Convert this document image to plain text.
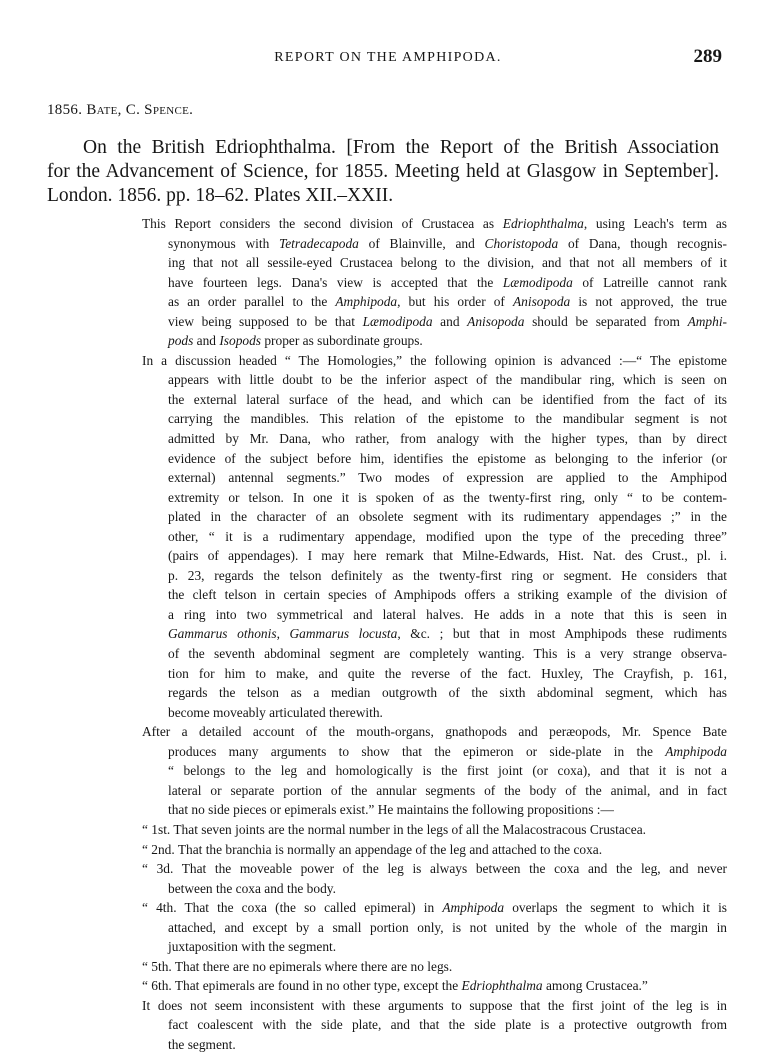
REPORT ON THE AMPHIPODA.	289
1856. Bate, C. Spence.
On the British Edriophthalma. [From the Report of the British Association
for the Advancement of Science, for 1855. Meeting held at Glasgow in September].
London. 1856. pp. 18–62. Plates XII.–XXII.
This Report considers the second division of Crustacea as Edriophthalma, using Leach's term as
synonymous with Tetradecapoda of Blainville, and Choristopoda of Dana, though recognis-
ing that not all sessile-eyed Crustacea belong to the division, and that not all members of it
have fourteen legs. Dana's view is accepted that the Læmodipoda of Latreille cannot rank
as an order parallel to the Amphipoda, but his order of Anisopoda is not approved, the true
view being supposed to be that Læmodipoda and Anisopoda should be separated from Amphi-
pods and Isopods proper as subordinate groups.
In a discussion headed “ The Homologies,” the following opinion is advanced :—“ The epistome
appears with little doubt to be the inferior aspect of the mandibular ring, which is seen on
the external lateral surface of the head, and which can be identified from the fact of its
carrying the mandibles. This relation of the epistome to the mandibular segment is not
admitted by Mr. Dana, who rather, from analogy with the higher types, than by direct
evidence of the subject before him, identifies the epistome as belonging to the inferior (or
external) antennal segments.” Two modes of expression are applied to the Amphipod
extremity or telson. In one it is spoken of as the twenty-first ring, only “ to be contem-
plated in the character of an obsolete segment with its rudimentary appendages ;” in the
other, “ it is a rudimentary appendage, modified upon the type of the preceding three”
(pairs of appendages). I may here remark that Milne-Edwards, Hist. Nat. des Crust., pl. i.
p. 23, regards the telson definitely as the twenty-first ring or segment. He considers that
the cleft telson in certain species of Amphipods offers a striking example of the division of
a ring into two symmetrical and lateral halves. He adds in a note that this is seen in
Gammarus othonis, Gammarus locusta, &c. ; but that in most Amphipods these rudiments
of the seventh abdominal segment are completely wanting. This is a very strange observa-
tion for him to make, and quite the reverse of the fact. Huxley, The Crayfish, p. 161,
regards the telson as a median outgrowth of the sixth abdominal segment, which has
become moveably articulated therewith.
After a detailed account of the mouth-organs, gnathopods and peræopods, Mr. Spence Bate
produces many arguments to show that the epimeron or side-plate in the Amphipoda
“ belongs to the leg and homologically is the first joint (or coxa), and that it is not a
lateral or separate portion of the annular segments of the body of the animal, and in fact
that no side pieces or epimerals exist.” He maintains the following propositions :—
“ 1st. That seven joints are the normal number in the legs of all the Malacostracous Crustacea.
“ 2nd. That the branchia is normally an appendage of the leg and attached to the coxa.
“ 3d. That the moveable power of the leg is always between the coxa and the leg, and never
between the coxa and the body.
“ 4th. That the coxa (the so called epimeral) in Amphipoda overlaps the segment to which it is
attached, and except by a small portion only, is not united by the whole of the margin in
juxtaposition with the segment.
“ 5th. That there are no epimerals where there are no legs.
“ 6th. That epimerals are found in no other type, except the Edriophthalma among Crustacea.”
It does not seem inconsistent with these arguments to suppose that the first joint of the leg is in
fact coalescent with the side plate, and that the side plate is a protective outgrowth from
the segment.
